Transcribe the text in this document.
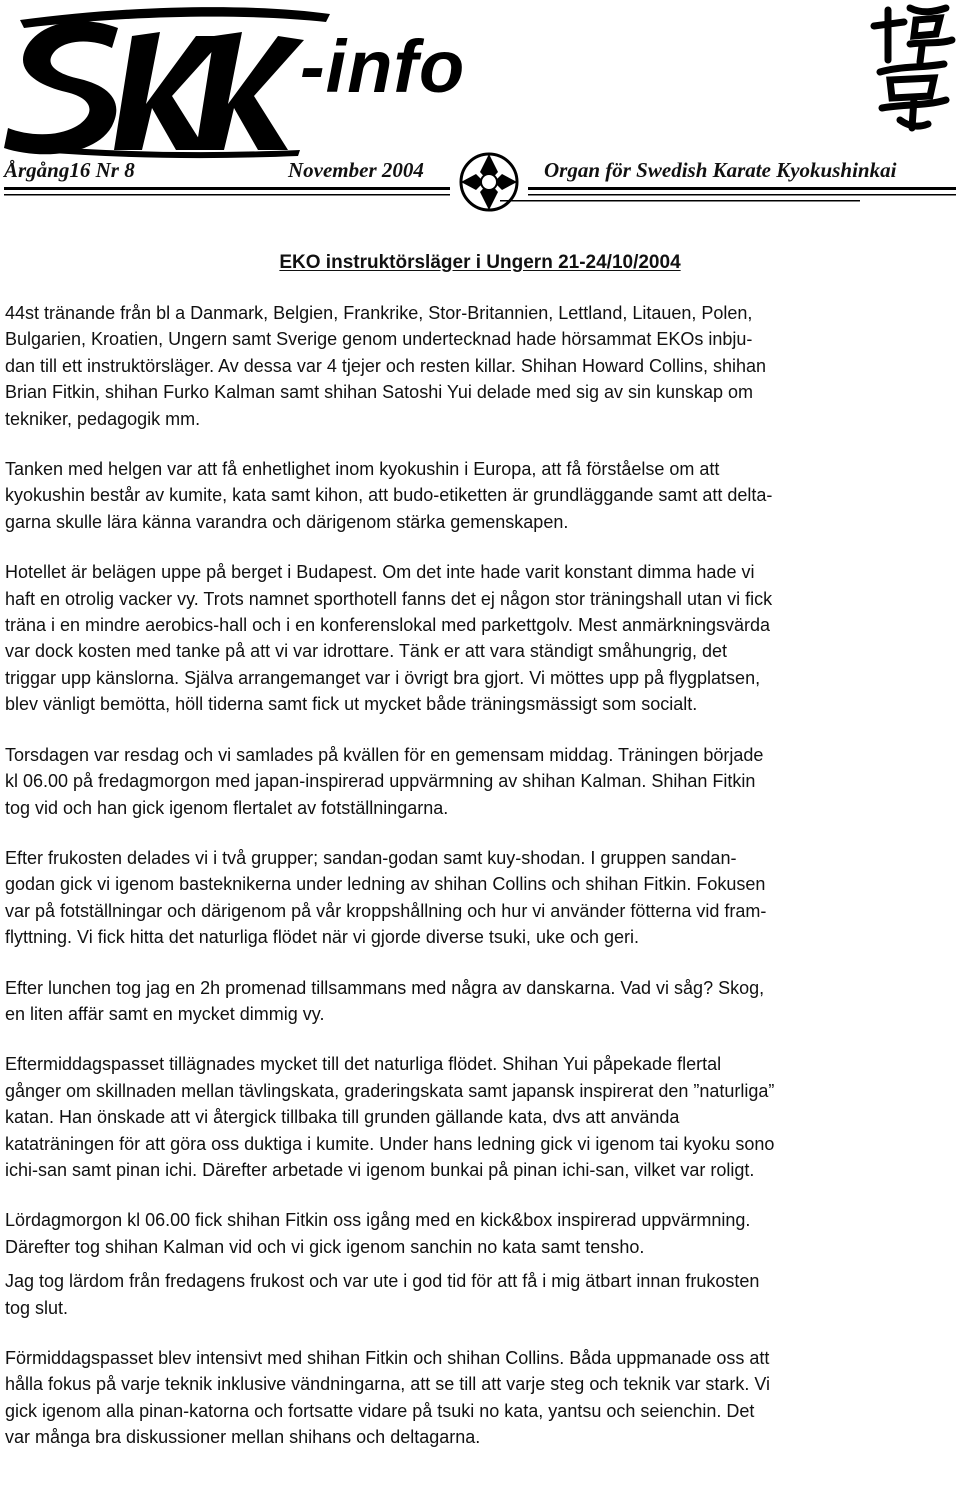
-info
Årgång16 Nr 8	November 2004	Organ för Swedish Karate Kyokushinkai
EKO instruktörsläger i Ungern 21-24/10/2004

44st tränande från bl a Danmark, Belgien, Frankrike, Stor-Britannien, Lettland, Litauen, Polen,

Bulgarien, Kroatien, Ungern samt Sverige genom undertecknad hade hörsammat EKOs inbju-

dan till ett instruktörsläger. Av dessa var 4 tjejer och resten killar. Shihan Howard Collins, shihan

Brian Fitkin, shihan Furko Kalman samt shihan Satoshi Yui delade med sig av sin kunskap om

tekniker, pedagogik mm.

Tanken med helgen var att få enhetlighet inom kyokushin i Europa, att få förståelse om att

kyokushin består av kumite, kata samt kihon, att budo-etiketten är grundläggande samt att delta-

garna skulle lära känna varandra och därigenom stärka gemenskapen.

Hotellet är belägen uppe på berget i Budapest. Om det inte hade varit konstant dimma hade vi

haft en otrolig vacker vy. Trots namnet sporthotell fanns det ej någon stor träningshall utan vi fick

träna i en mindre aerobics-hall och i en konferenslokal med parkettgolv. Mest anmärkningsvärda

var dock kosten med tanke på att vi var idrottare. Tänk er att vara ständigt småhungrig, det

triggar upp känslorna. Själva arrangemanget var i övrigt bra gjort. Vi möttes upp på flygplatsen,

blev vänligt bemötta, höll tiderna samt fick ut mycket både träningsmässigt som socialt.

Torsdagen var resdag och vi samlades på kvällen för en gemensam middag. Träningen började

kl 06.00 på fredagmorgon med japan-inspirerad uppvärmning av shihan Kalman. Shihan Fitkin

tog vid och han gick igenom flertalet av fotställningarna.

Efter frukosten delades vi i två grupper; sandan-godan samt kuy-shodan. I gruppen sandan-

godan gick vi igenom basteknikerna under ledning av shihan Collins och shihan Fitkin. Fokusen

var på fotställningar och därigenom på vår kroppshållning och hur vi använder fötterna vid fram-

flyttning. Vi fick hitta det naturliga flödet när vi gjorde diverse tsuki, uke och geri.

Efter lunchen tog jag en 2h promenad tillsammans med några av danskarna. Vad vi såg? Skog,

en liten affär samt en mycket dimmig vy.

Eftermiddagspasset tillägnades mycket till det naturliga flödet. Shihan Yui påpekade flertal

gånger om skillnaden mellan tävlingskata, graderingskata samt japansk inspirerat den ”naturliga”

katan. Han önskade att vi återgick tillbaka till grunden gällande kata, dvs att använda

kataträningen för att göra oss duktiga i kumite. Under hans ledning gick vi igenom tai kyoku sono

ichi-san samt pinan ichi. Därefter arbetade vi igenom bunkai på pinan ichi-san, vilket var roligt.

Lördagmorgon kl 06.00 fick shihan Fitkin oss igång med en kick&box inspirerad uppvärmning.

Därefter tog shihan Kalman vid och vi gick igenom sanchin no kata samt tensho.

Jag tog lärdom från fredagens frukost och var ute i god tid för att få i mig ätbart innan frukosten

tog slut.

Förmiddagspasset blev intensivt med shihan Fitkin och shihan Collins. Båda uppmanade oss att

hålla fokus på varje teknik inklusive vändningarna, att se till att varje steg och teknik var stark. Vi

gick igenom alla pinan-katorna och fortsatte vidare på tsuki no kata, yantsu och seienchin. Det

var många bra diskussioner mellan shihans och deltagarna.
